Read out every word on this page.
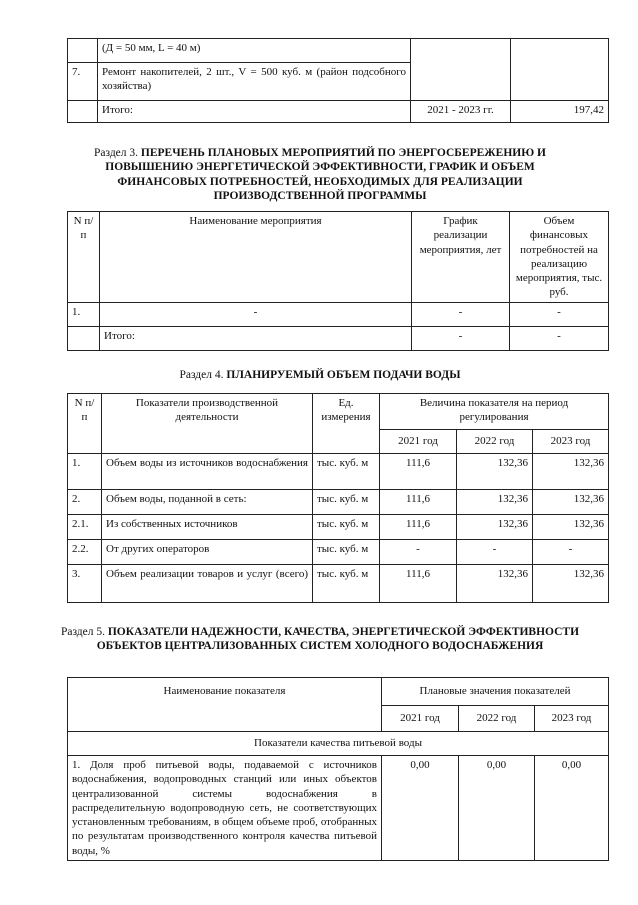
	(Д = 50 мм, L = 40 м)		
7.	Ремонт накопителей, 2 шт., V = 500 куб. м (район подсобного хозяйства)		
	Итого:	2021 - 2023 гг.	197,42
Раздел 3. ПЕРЕЧЕНЬ ПЛАНОВЫХ МЕРОПРИЯТИЙ ПО ЭНЕРГОСБЕРЕЖЕНИЮ И ПОВЫШЕНИЮ ЭНЕРГЕТИЧЕСКОЙ ЭФФЕКТИВНОСТИ, ГРАФИК И ОБЪЕМ ФИНАНСОВЫХ ПОТРЕБНОСТЕЙ, НЕОБХОДИМЫХ ДЛЯ РЕАЛИЗАЦИИ ПРОИЗВОДСТВЕННОЙ ПРОГРАММЫ
N п/п	Наименование мероприятия	График реализации мероприятия, лет	Объем финансовых потребностей на реализацию мероприятия, тыс. руб.
1.	-	-	-
	Итого:	-	-
Раздел 4. ПЛАНИРУЕМЫЙ ОБЪЕМ ПОДАЧИ ВОДЫ
N п/п	Показатели производственной деятельности	Ед. измерения	Величина показателя на период регулирования		
			2021 год	2022 год	2023 год
1.	Объем воды из источников водоснабжения	тыс. куб. м	111,6	132,36	132,36
2.	Объем воды, поданной в сеть:	тыс. куб. м	111,6	132,36	132,36
2.1.	Из собственных источников	тыс. куб. м	111,6	132,36	132,36
2.2.	От других операторов	тыс. куб. м	-	-	-
3.	Объем реализации товаров и услуг (всего)	тыс. куб. м	111,6	132,36	132,36
Раздел 5. ПОКАЗАТЕЛИ НАДЕЖНОСТИ, КАЧЕСТВА, ЭНЕРГЕТИЧЕСКОЙ ЭФФЕКТИВНОСТИ ОБЪЕКТОВ ЦЕНТРАЛИЗОВАННЫХ СИСТЕМ ХОЛОДНОГО ВОДОСНАБЖЕНИЯ
Наименование показателя	Плановые значения показателей		
	2021 год	2022 год	2023 год
Показатели качества питьевой воды			
1. Доля проб питьевой воды, подаваемой с источников водоснабжения, водопроводных станций или иных объектов централизованной системы водоснабжения в распределительную водопроводную сеть, не соответствующих установленным требованиям, в общем объеме проб, отобранных по результатам производственного контроля качества питьевой воды, %	0,00	0,00	0,00
